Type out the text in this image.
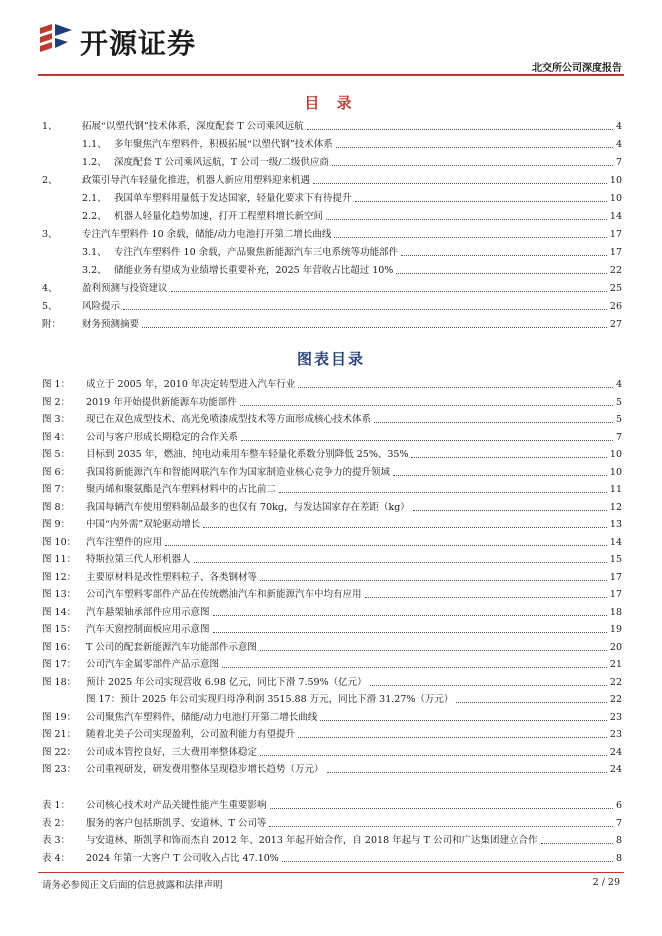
开源证券
北交所公司深度报告
目 录
1、	拓展“以塑代钢”技术体系，深度配套 T 公司乘风远航	4
1.1、 多年聚焦汽车塑料件，积极拓展“以塑代钢”技术体系	4
1.2、 深度配套 T 公司乘风远航，T 公司一级/二级供应商	7
2、	政策引导汽车轻量化推进，机器人新应用塑料迎来机遇	10
2.1、 我国单车塑料用量低于发达国家，轻量化要求下有待提升	10
2.2、 机器人轻量化趋势加速，打开工程塑料增长新空间	14
3、	专注汽车塑料件 10 余载，储能/动力电池打开第二增长曲线	17
3.1、 专注汽车塑料件 10 余载，产品聚焦新能源汽车三电系统等功能部件	17
3.2、 储能业务有望成为业绩增长重要补充，2025 年营收占比超过 10%	22
4、	盈利预测与投资建议	25
5、	风险提示	26
附：	财务预测摘要	27
图表目录
图 1：	成立于 2005 年，2010 年决定转型进入汽车行业	4
图 2：	2019 年开始提供新能源车功能部件	5
图 3：	现已在双色成型技术、高光免喷漆成型技术等方面形成核心技术体系	5
图 4：	公司与客户形成长期稳定的合作关系	7
图 5：	目标到 2035 年，燃油、纯电动乘用车整车轻量化系数分别降低 25%、35%	10
图 6：	我国将新能源汽车和智能网联汽车作为国家制造业核心竞争力的提升领域	10
图 7：	聚丙烯和聚氨酯是汽车塑料材料中的占比前二	11
图 8：	我国每辆汽车使用塑料制品最多的也仅有 70kg，与发达国家存在差距（kg）	12
图 9：	中国“内外需”双轮驱动增长	13
图 10：	汽车注塑件的应用	14
图 11：	特斯拉第三代人形机器人	15
图 12：	主要原材料是改性塑料粒子、各类钢材等	17
图 13：	公司汽车塑料零部件产品在传统燃油汽车和新能源汽车中均有应用	17
图 14：	汽车悬架轴承部件应用示意图	18
图 15：	汽车天窗控制面板应用示意图	19
图 16：	T 公司的配套新能源汽车功能部件示意图	20
图 17：	公司汽车金属零部件产品示意图	21
图 18：	预计 2025 年公司实现营收 6.98 亿元，同比下滑 7.59%（亿元）	22
图 17：预计 2025 年公司实现归母净利润 3515.88 万元，同比下滑 31.27%（万元）	22
图 19：	公司聚焦汽车塑料件，储能/动力电池打开第二增长曲线	23
图 21：	随着北美子公司实现盈利，公司盈利能力有望提升	23
图 22：	公司成本管控良好，三大费用率整体稳定	24
图 23：	公司重视研发，研发费用整体呈现稳步增长趋势（万元）	24
表 1：	公司核心技术对产品关键性能产生重要影响	6
表 2：	服务的客户包括斯凯孚、安道林、T 公司等	7
表 3：	与安道林、斯凯孚和饰而杰自 2012 年、2013 年起开始合作，自 2018 年起与 T 公司和广达集团建立合作	8
表 4：	2024 年第一大客户 T 公司收入占比 47.10%	8
请务必参阅正文后面的信息披露和法律声明	2 / 29
